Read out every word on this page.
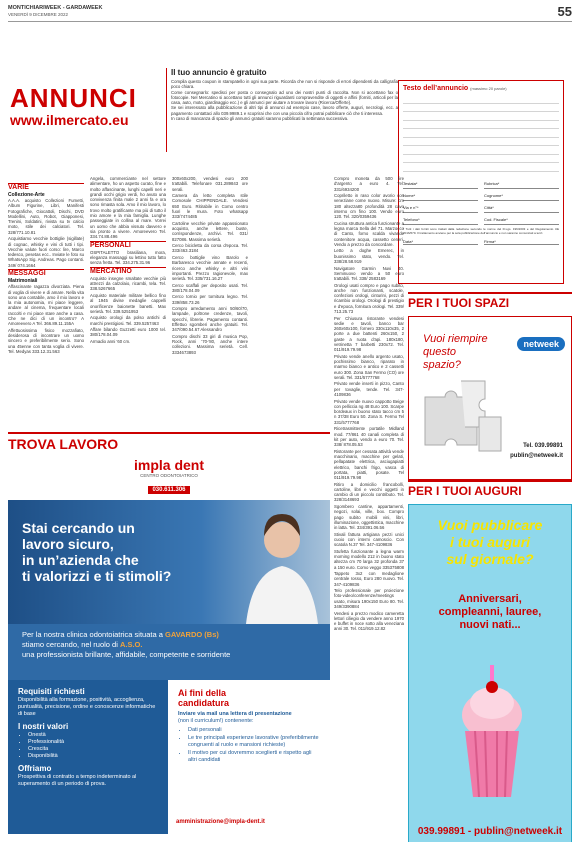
MONTICHIARIWEEK - GARDAWEEK
VENERDÌ 9 DICEMBRE 2022	55
ANNUNCI
www.ilmercato.eu
Il tuo annuncio è gratuito
Compila questo coupon in stampatello in ogni sua parte. Ricorda che non si risponde di errori dipendenti da calligrafia poco chiara.
Come consegnarlo: spedisci per posta o consegnalo ad uno dei nostri punti di raccolta. Non si accettano fax o fotocopie. Nel Mercatino si accettano tutti gli annunci riguardanti compravendite di oggetti e affini (forniti, articoli per la casa, auto, moto, giardinaggio ecc.) e gli annunci per aiutare a trovare lavoro (Ricerca/Offerte).
Se sei interessato alla pubblicazione di altri tipi di annunci ad esempio case, lavoro offerte, auguri, necrologi, ecc. a pagamento contattaci allo 039.9989.1 e scoprirai che con una piccola cifra potrai pubblicare ciò che ti interessa.
In caso di mancanza di spazio gli annunci gratuiti saranno pubblicati la settimana successiva.
Testo dell’annuncio (massimo 20 parole)
Testata*
Nome*
Via e n°*
Telefono*
Rubrica*
Cognome*
Città*
Cod. Fiscale*
* Tutti i dati forniti sono trattati dalla redazione secondo le norme del D.Lgs. 196/2003 e del Regolamento UE 2016/679. Il trattamento avviene per la sola pubblicazione dell’annuncio e non saranno comunicati a terzi.
Data*	Firma*
VARIE
Collezione-Arte

A.A.A. acquisto Collezioni Fumetti, Album Figurine, Libri, Manifesti Fotografiche, Giocattoli, Dischi, DVD Modellini, Auto, Robot, Giapponesi, Trenini, Soldatini, rivista su tv calcio moto, stile dei calciatori. Tel. 328/771.10.81

Acquistiamo vecchie bottiglie (sigillate) di cognac, whisky e vini di tutti i tipi. Vecchie valute fuori corso: lire, Marco tedesco, pesetas ecc.. Inviate le foto su WhatsApp Sig. Andreas. Pago contanti. 349/ 074.1664

MESSAGGI
Matrimoniali

Affascinante ragazza divorziata. Piena di voglia di vivere e di amare. Nella vita sono una contabile, amo il mio lavoro e la mia autonomia, mi piace leggere, andare al cinema, frequentare locali raccolti e mi piace stare anche a casa. Che ne dici di un incontro? A Amoreevero A Tel. 366.89.11.155A

Affettuosissima fisico mozzafiato, desiderosa di incontrare un uomo sincero e preferibilmente serio. Sono una 45enne con tanta voglia di vivere. Tel. Medyas 333.12.31.563

Angela, commerciante nel settore alimentare, ho un aspetto curato, fine e molto affascinante, lunghi capelli neri e grandi occhi grigio verdi, ho avuto una convivenza finita male 2 anni fa e ora sono rimasta sola. Amo il mio lavoro, lo trovo molto gratificante ma più di tutto il mio amore e la mia famiglia. Lunghe passeggiate in collina al mare. Vorrei un uomo che abbia vissuto davvero e sia pronto a vivere. Amoreevero Tel. 334.74.88.496

PERSONALI

OSPITALETTO brasiliana, mora, eleganza massaggi su lettino tutto fatto senza fretta. Tel. 334.275.31.96

MERCATINO

Acquisto insegne smaltate vecchie più attrezzi da calzolaio, ricambi, tela. Tel. 338.5267665

Acquisto materiale militare bellico fino al 1945 divise medaglie cappelli onorificenze baionette banetti. Max serietà. Tel. 339.5251953

Acquisto orologi da polso antichi di marchi prestigiosi. Tel. 339.5257463

Affare bilando Guzzetti euro 1000 tel. 380/178.04.09

Armadio anni '60 cm.

300x60x200, vendesi euro 200 trattabili. Telefonare 031.289843 ore serali.

Camera da letto completa stile Comosole CHIPPENDALE. Vendesi 650 Euro. Ritirabile in Como centro fuori le mura. Foto whatsapp 333/7474485

Cartoline vecchie private appassionato acquisto, anche lettere, buste, corrispondenze, archivi. Tel. 031/ 827086. Massima serietà.

Cerco bicicletta da corsa d'epoca. Tel. 333/463.3184

Cerco bottiglie vino Barolo e Barbaresco vecchie annate e recenti, ricerco anche whisky e altri vini importanti. Prezzo ragionevole, max serietà. Tel. 335/731.16.27

Cerco scaffali per deposito usati. Tel. 380/178.04.09

Cerco tornio per tornitura legno. Tel. 339/858.73.26

Compro arredamento anni 50/60/70, lampade, poltrone credenze, tavoli, specchi, librerie. Pagamento contanti. Effettuo sgomberi anche gratuiti. Tel. 347/090.54.67 Alessandro

Compro dischi 33 giri di musica Pop, Rock, anni '70-'80, anche intere collezioni. Massima serietà. Cell. 3334673893

Compro moneta da 500 lire d'argento a euro 4. Tel. 331/6934200

Copriletto in raso color avorio con veneziane come nuovo. Misure: cm 180 altezza80 profondità 28 cavo interno cm fino 100. Vendo euro 120. Tel. 320/0359436

Cucina struttura antica funzionante a legna marca Sella del 71. Marzocco di Canto, forno scalda vivande contenitore acqua, cassetto ceneri. Vendo a prezzo da concordare.

Letto a doghe Emerec, in buonissimo stato, vendo. Tel. 338/28.58.919

Navigatore Garmin Nuvi 40. Seminuovo vendo a 50 euro trattabili. Tel. 338/ 2583169

Orologi usati compro e pago subito, anche non funzionanti, scatole, confezioni orologi, cinturini, pezzi di ricambio orologi. Orologi di prestigio e d'epoca, fornitura orologi. Tel. 339/ 713.25.73

Per Chiusura ristorante vendesi sedie e tavoli, banco bar 260x60x100, fornero 330x110x35, 2 porte a due battenti 260x150, 2 gaste a ruota d'api. 180x180, vetrinetta 7 barbetti 230x72. Tel. 011/919.79.98

Privato vende anello argento usato, pochissimo bianco, riparato in marmo bianco e antico e 2 cassetti euro 300. Zona San Fermo (CO) ore serali. Tel. 331/5777768

Privato vende inserti in pizzo, Canto per tovaglie, tende. Tel. 347-4109836

Privato vende nuovo cappotto Beige con pelliccia ng 48 Euro 100. Scarpe bordeaux in buono stato tacco cm 5 n 37/38 Euro 50. Zona S. Fermo Tel 331/5777768

Ricetrasmittente portatile Midland mod. 77/861 40 canali completa di kit per auto, vendo a euro 70. Tel. 338/ 878.05.53

Ristorante per cessata attività vende macchinario, macchine per gelati, pellapatate elettrica, asciugapiatti elettrico, banchi frigo, vasca di portata, piatti, posate. Tel 011/919.79.98

Ritiro a domicilio francobolli, cartoline, libri e vecchi oggetti in cambio di un piccolo contributo. Tel. 328/3148693

Sgombero cantine, appartamenti, negozi, solai, ville, box. Compro pago subito mobili vini, libri, illuminazione, oggettistica, macchine in latta. Tel. 334/391.06.56

Stivali fattura artigiana pezzi unici cuoio con interni camoscio. Con scatola N.37 Tel. 347-4109836

Stufetta funzionante a legna warm morning modello 212 in buono stato altezza cm 70 larga 32 profonda 37 a 150 euro. Como veggo 335375808

Tappeto 3x2 con medaglione centrale rosso, Euro 280 nuovo. Tel. 347-4109836

Telo professionale per proiezione foto-video/conferenze/meetings usato, misura 190x150 Euro 80. Tel. 349/3390884

Vendesi a prezzo modico cameretta lettori ciliegio da vendere anno 1970 e buffet in noce sotto alla veneziana anni 30. Tel. 011/919.12.82

PER I TUOI SPAZI
Vuoi riempire questo spazio?
netweek
Tel. 039.99891
publin@netweek.it
PER I TUOI AUGURI
Vuoi pubblicare
i tuoi auguri
sul giornale?
Anniversari,
compleanni, lauree,
nuovi nati...
039.99891 - publin@netweek.it
TROVA LAVORO
impla dent
CENTRO ODONTOIATRICO
030.611.306
Stai cercando un
lavoro sicuro,
in un’azienda che
ti valorizzi e ti stimoli?
Per la nostra clinica odontoiatrica situata a GAVARDO (Bs)
stiamo cercando, nel ruolo di A.S.O.
una professionista brillante, affidabile, competente e sorridente
Requisiti richiesti
Disponibilità alla formazione, positività, accoglienza, puntualità, precisione, ordine e conoscenze informatiche di base
I nostri valori
• Onestà
• Professionalità
• Crescita
• Disponibilità
Offriamo
Prospettiva di contratto a tempo indeterminato al superamento di un periodo di prova.
Ai fini della
candidatura
Inviare via mail una lettera di presentazione
(non il curriculum!) contenente:
• Dati personali
• Le tre principali esperienze lavorative (preferibilmente congruenti al ruolo e mansioni richieste)
• Il motivo per cui dovremmo sceglierti e rispetto agli altri candidati
amministrazione@impla-dent.it
